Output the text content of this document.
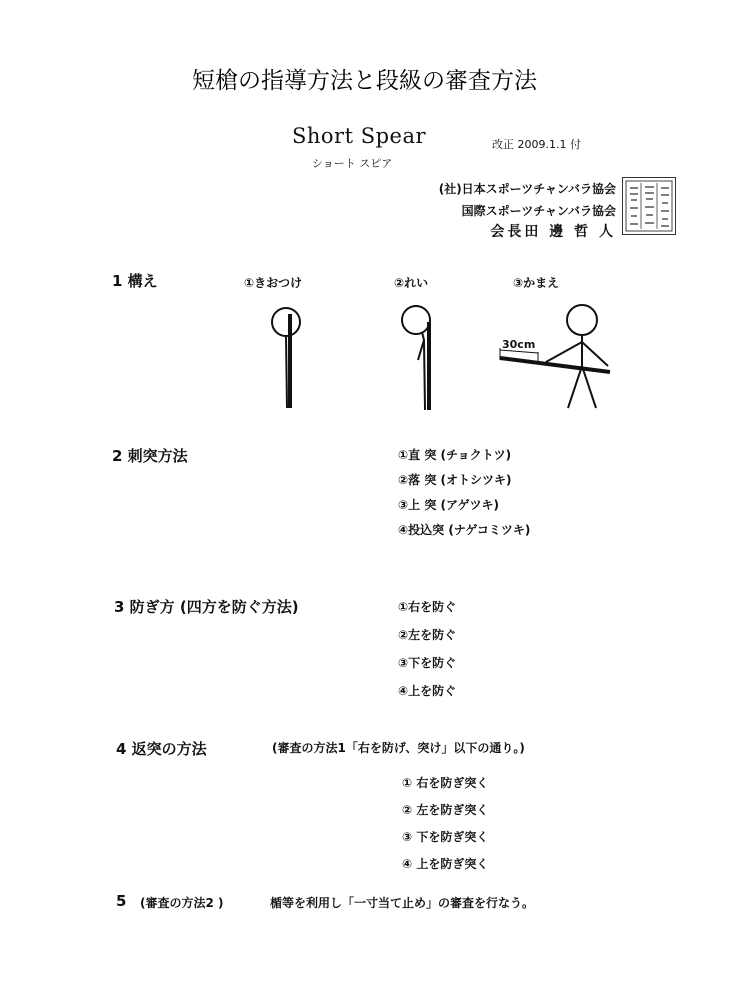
短槍の指導方法と段級の審査方法
Short Spear
ショート スピア
改正 2009.1.1 付
(社)日本スポーツチャンバラ協会
国際スポーツチャンバラ協会
会長田 邊 哲 人
1 構え	①きおつけ	②れい	③かまえ
30cm
2 刺突方法	①直 突 (チョクトツ)
②落 突 (オトシツキ)
③上 突 (アゲツキ)
④投込突 (ナゲコミツキ)
3 防ぎ方 (四方を防ぐ方法)	①右を防ぐ
②左を防ぐ
③下を防ぐ
④上を防ぐ
4 返突の方法	(審査の方法1「右を防げ、突け」以下の通り。)
① 右を防ぎ突く
② 左を防ぎ突く
③ 下を防ぎ突く
④ 上を防ぎ突く
5 (審査の方法2 )	楯等を利用し「一寸当て止め」の審査を行なう。
